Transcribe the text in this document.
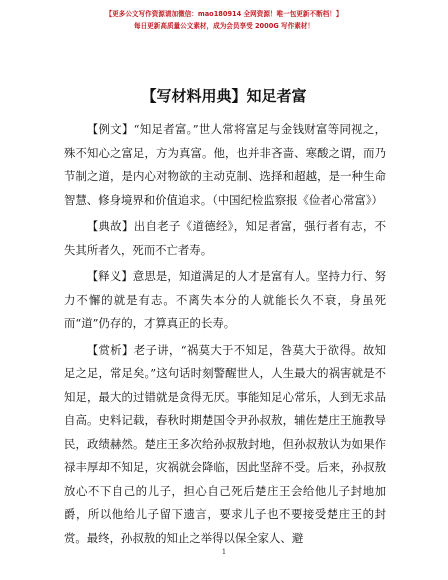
【更多公文写作资源请加微信：mao180914 全网资源！唯一包更新不断档！】
每日更新高质量公文素材，成为会员享受 2000G 写作素材！
【写材料用典】知足者富

【例文】“知足者富。”世人常将富足与金钱财富等同视之，殊不知心之富足，方为真富。他，也并非吝啬、寒酸之谓，而乃节制之道，是内心对物欲的主动克制、选择和超越，是一种生命智慧、修身境界和价值追求。（中国纪检监察报《俭者心常富》）

【典故】出自老子《道德经》，知足者富，强行者有志，不失其所者久，死而不亡者寿。

【释义】意思是，知道满足的人才是富有人。坚持力行、努力不懈的就是有志。不离失本分的人就能长久不衰，身虽死而“道”仍存的，才算真正的长寿。

【赏析】老子讲，“祸莫大于不知足，咎莫大于欲得。故知足之足，常足矣。”这句话时刻警醒世人，人生最大的祸害就是不知足，最大的过错就是贪得无厌。事能知足心常乐，人到无求品自高。史料记载，春秋时期楚国令尹孙叔敖，辅佐楚庄王施教导民，政绩赫然。楚庄王多次给孙叔敖封地，但孙叔敖认为如果作禄丰厚却不知足，灾祸就会降临，因此坚辞不受。后来，孙叔敖放心不下自己的儿子，担心自己死后楚庄王会给他儿子封地加爵，所以他给儿子留下遗言，要求儿子也不要接受楚庄王的封赏。最终，孙叔敖的知止之举得以保全家人、避

1
